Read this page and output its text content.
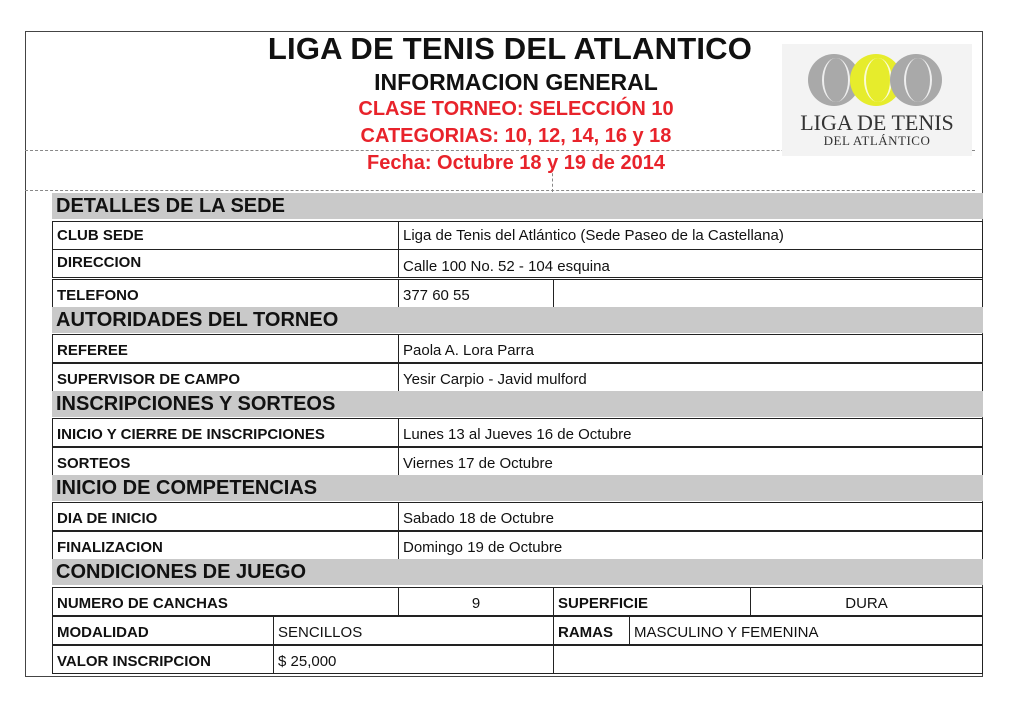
LIGA DE TENIS DEL ATLANTICO
INFORMACION GENERAL
CLASE TORNEO: SELECCIÓN 10
CATEGORIAS: 10, 12, 14, 16 y 18
Fecha: Octubre 18 y 19 de 2014
LIGA DE TENIS
DEL ATLÁNTICO
DETALLES DE LA SEDE
CLUB SEDE	Liga de Tenis del Atlántico (Sede Paseo de la Castellana)
DIRECCION	Calle 100 No. 52 - 104 esquina
TELEFONO	377 60 55
AUTORIDADES DEL TORNEO
REFEREE	Paola A. Lora Parra
SUPERVISOR DE CAMPO	Yesir Carpio - Javid mulford
INSCRIPCIONES Y SORTEOS
INICIO Y CIERRE DE INSCRIPCIONES	Lunes 13 al Jueves 16 de Octubre
SORTEOS	Viernes 17 de Octubre
INICIO DE COMPETENCIAS
DIA DE INICIO	Sabado 18 de Octubre
FINALIZACION	Domingo 19 de Octubre
CONDICIONES DE JUEGO
NUMERO DE CANCHAS	9	SUPERFICIE	DURA
MODALIDAD	SENCILLOS	RAMAS	MASCULINO Y FEMENINA
VALOR INSCRIPCION	$ 25,000
